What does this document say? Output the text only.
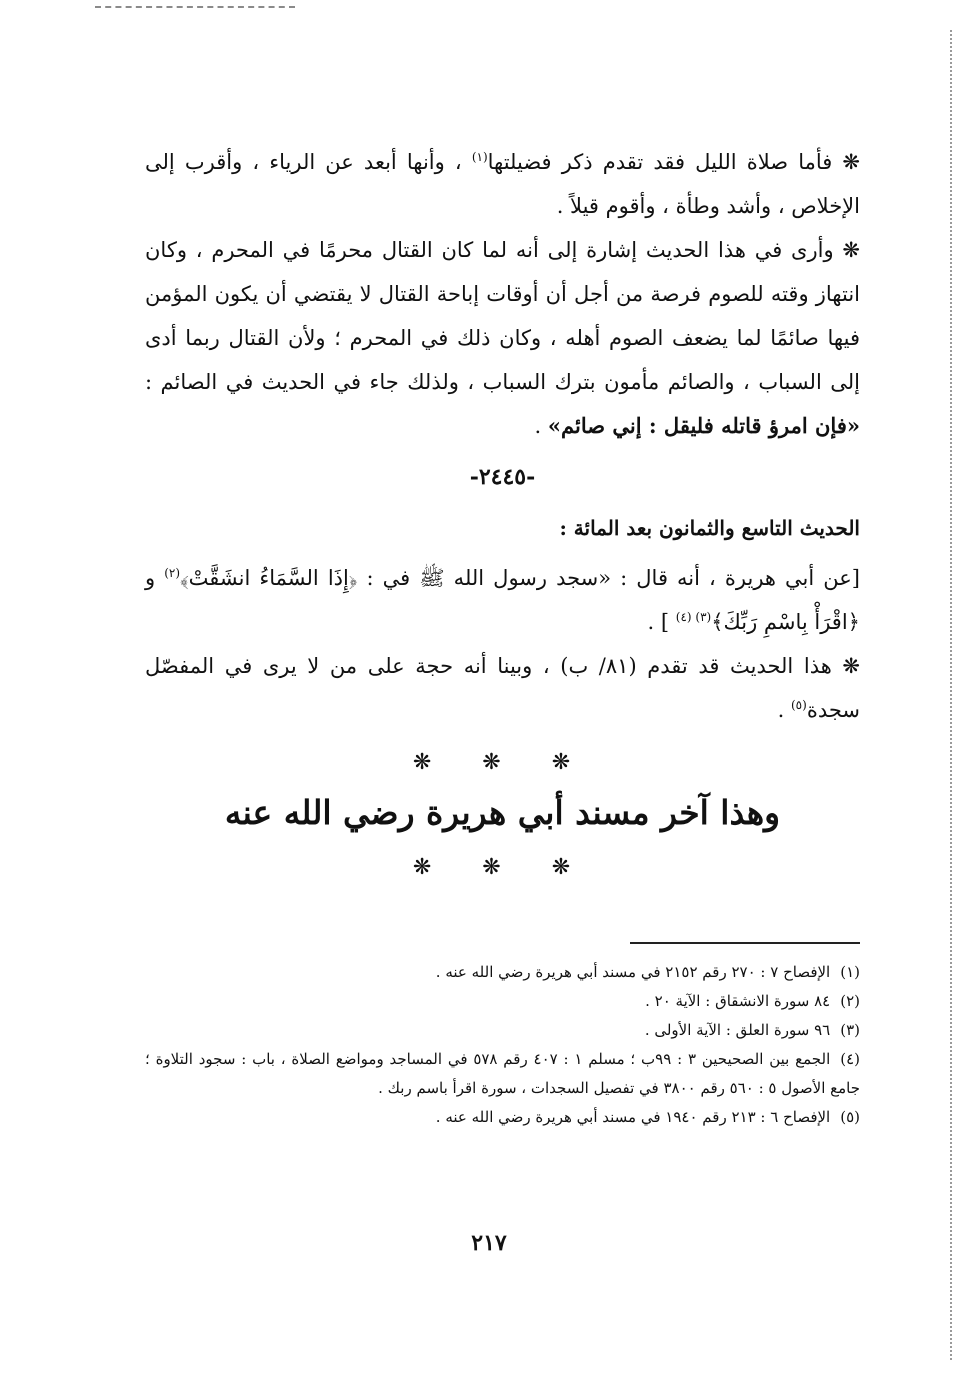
❋ فأما صلاة الليل فقد تقدم ذكر فضيلتها$^{(١)}$ ، وأنها أبعد عن الرياء ، وأقرب إلى الإخلاص ، وأشد وطأة ، وأقوم قيلاً .

❋ وأرى في هذا الحديث إشارة إلى أنه لما كان القتال محرمًا في المحرم ، وكان انتهاز وقته للصوم فرصة من أجل أن أوقات إباحة القتال لا يقتضي أن يكون المؤمن فيها صائمًا لما يضعف الصوم أهله ، وكان ذلك في المحرم ؛ ولأن القتال ربما أدى إلى السباب ، والصائم مأمون بترك السباب ، ولذلك جاء في الحديث في الصائم : «فإن امرؤ قاتله فليقل : إني صائم» .

-٢٤٤٥-

الحديث التاسع والثمانون بعد المائة :

[عن أبي هريرة ، أنه قال : «سجد رسول الله ﷺ في : ﴿إِذَا السَّمَاءُ انشَقَّتْ﴾$^{(٢)}$ و ﴿اقْرَأْ بِاسْمِ رَبِّكَ﴾$^{(٣) (٤)}$ ] .

❋ هذا الحديث قد تقدم (٨١/ ب) ، وبينا أنه حجة على من لا يرى في المفصّل سجدة$^{(٥)}$ .

❋ ❋ ❋

وهذا آخر مسند أبي هريرة رضي الله عنه

❋ ❋ ❋

(١)الإفصاح ٧ : ٢٧٠ رقم ٢١٥٢ في مسند أبي هريرة رضي الله عنه .

(٢)٨٤ سورة الانشقاق : الآية ٢٠ .

(٣)٩٦ سورة العلق : الآية الأولى .

(٤)الجمع بين الصحيحين ٣ : ٩٩ب ؛ مسلم ١ : ٤٠٧ رقم ٥٧٨ في المساجد ومواضع الصلاة ، باب : سجود التلاوة ؛ جامع الأصول ٥ : ٥٦٠ رقم ٣٨٠٠ في تفصيل السجدات ، سورة اقرأ باسم ربك .

(٥)الإفصاح ٦ : ٢١٣ رقم ١٩٤٠ في مسند أبي هريرة رضي الله عنه .

٢١٧
